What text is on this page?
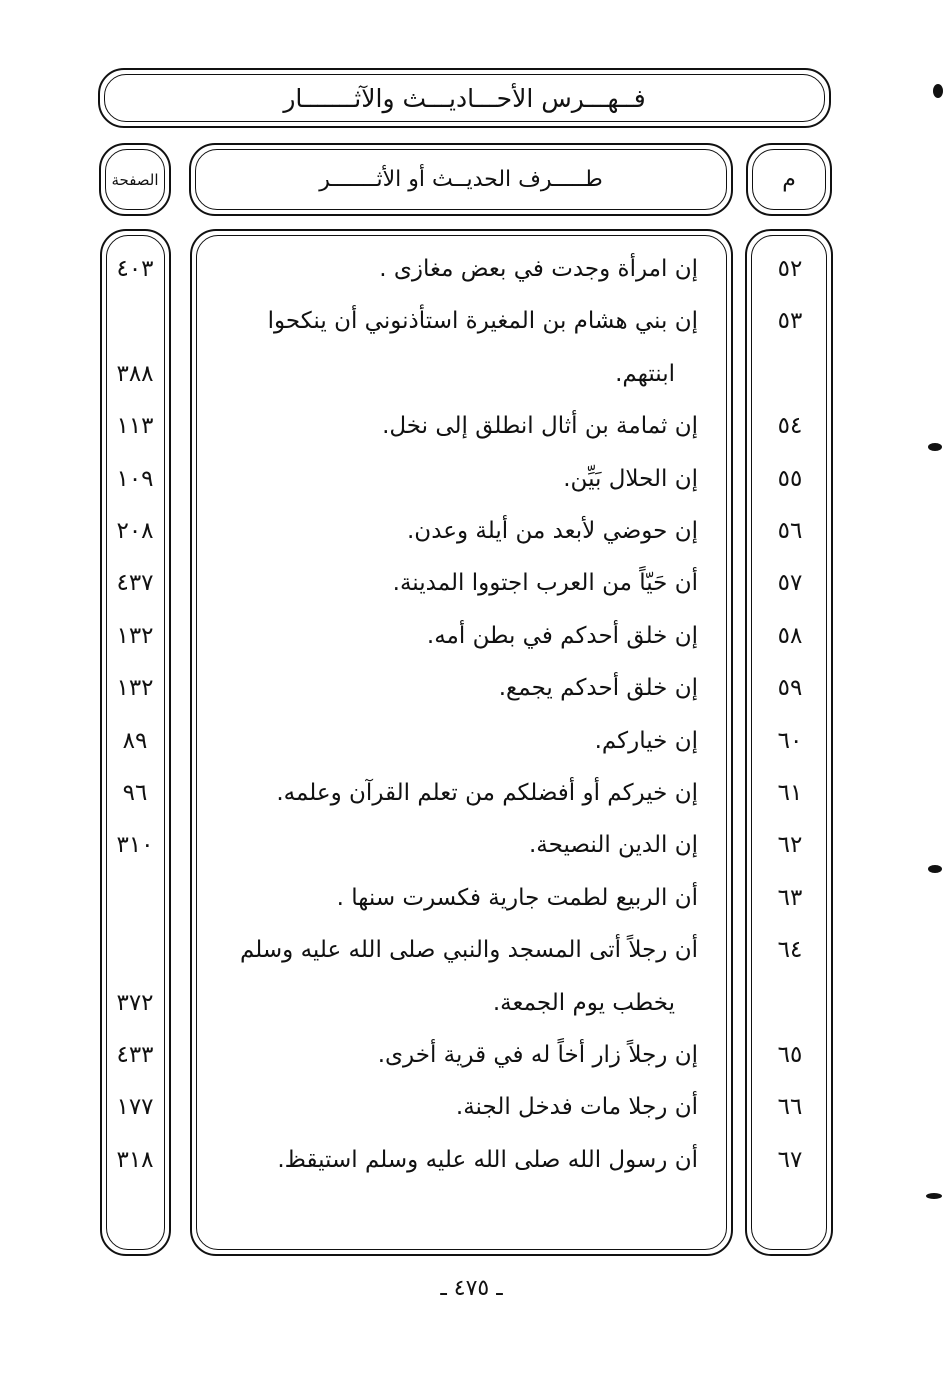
فــهـــرس الأحـــاديـــث والآثـــــــار
م
طـــــرف الحديــث أو الأثـــــــر
الصفحة
٥٢
إن امرأة وجدت في بعض مغازى .
٤٠٣
٥٣
إن بني هشام بن المغيرة استأذنوني أن ينكحوا
ابنتهم.
٣٨٨
٥٤
إن ثمامة بن أثال انطلق إلى نخل.
١١٣
٥٥
إن الحلال بَيِّن.
١٠٩
٥٦
إن حوضي لأبعد من أيلة وعدن.
٢٠٨
٥٧
أن حَيّاً من العرب اجتووا المدينة.
٤٣٧
٥٨
إن خلق أحدكم في بطن أمه.
١٣٢
٥٩
إن خلق أحدكم يجمع.
١٣٢
٦٠
إن خياركم.
٨٩
٦١
إن خيركم أو أفضلكم من تعلم القرآن وعلمه.
٩٦
٦٢
إن الدين النصيحة.
٣١٠
٦٣
أن الربيع لطمت جارية فكسرت سنها .
٦٤
أن رجلاً أتى المسجد والنبي صلى الله عليه وسلم
يخطب يوم الجمعة.
٣٧٢
٦٥
إن رجلاً زار أخاً له في قرية أخرى.
٤٣٣
٦٦
أن رجلا مات فدخل الجنة.
١٧٧
٦٧
أن رسول الله صلى الله عليه وسلم استيقظ.
٣١٨
ـ ٤٧٥ ـ
